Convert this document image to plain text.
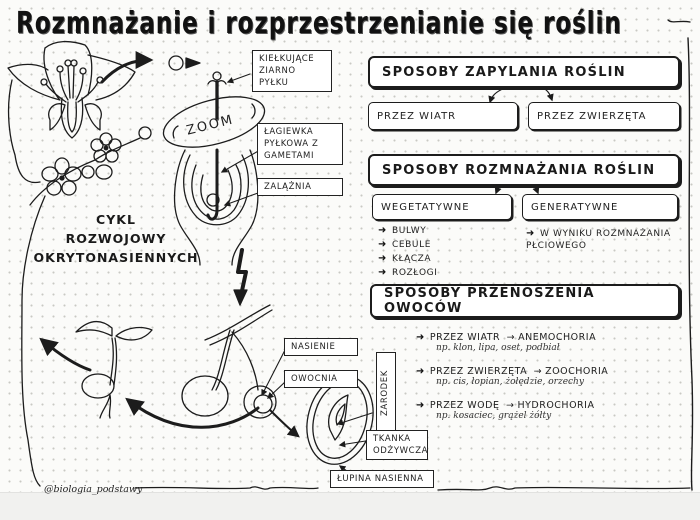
Rozmnażanie i rozprzestrzenianie się roślin
CYKL
ROZWOJOWY
OKRYTONASIENNYCH
ZOOM
KIEŁKUJĄCE ZIARNO PYŁKU
ŁAGIEWKA PYŁKOWA Z GAMETAMI
ZALĄŻNIA
NASIENIE
OWOCNIA	ZARODEK
TKANKA ODŻYWCZA
ŁUPINA NASIENNA
SPOSOBY ZAPYLANIA ROŚLIN
PRZEZ WIATR	PRZEZ ZWIERZĘTA
SPOSOBY ROZMNAŻANIA ROŚLIN
WEGETATYWNE	GENERATYWNE
➜ BULWY
➜ CEBULE
➜ KŁĄCZA
➜ ROZŁOGI
➜ W WYNIKU ROZMNAŻANIA PŁCIOWEGO
SPOSOBY PRZENOSZENIA OWOCÓW
➜ PRZEZ WIATR → ANEMOCHORIA
np. klon, lipa, oset, podbiał
➜ PRZEZ ZWIERZĘTA → ZOOCHORIA
np. cis, łopian, żołędzie, orzechy
➜ PRZEZ WODĘ → HYDROCHORIA
np. kosaciec, grążel żółty
@biologia_podstawy
